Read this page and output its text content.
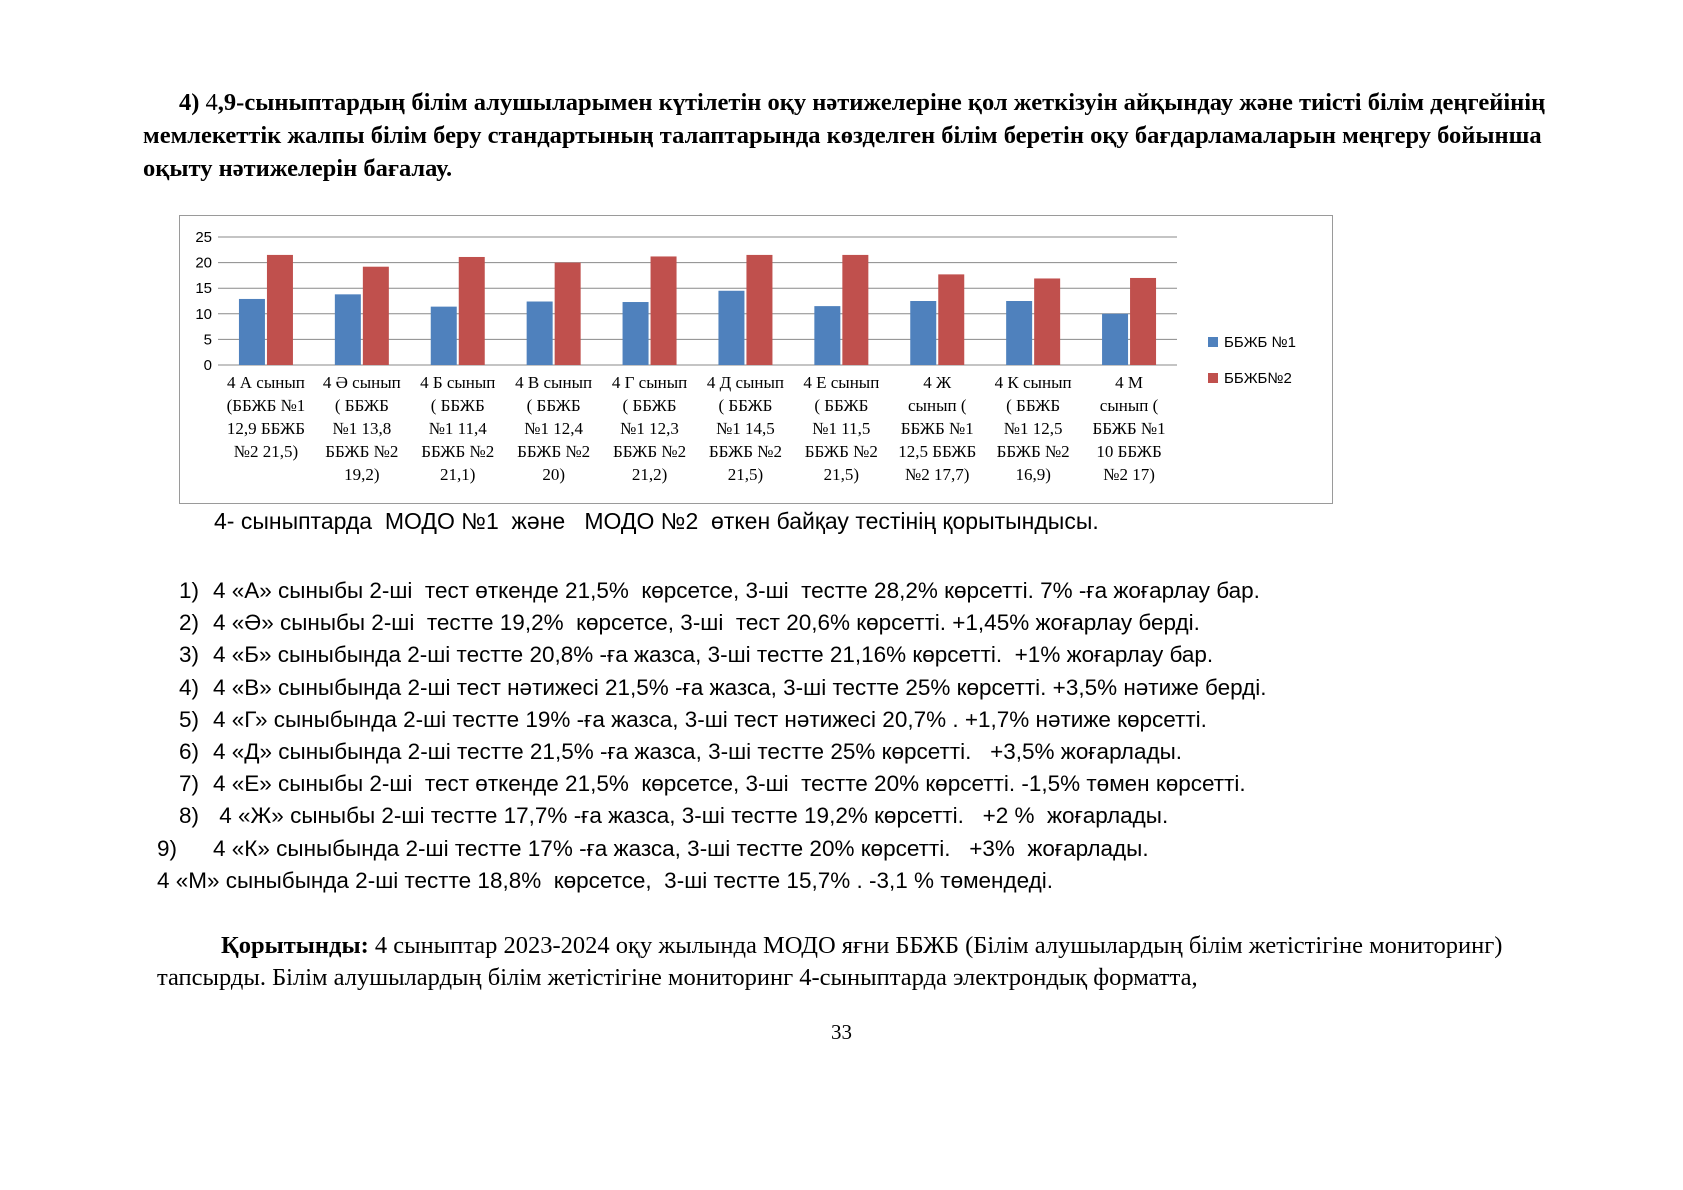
4) 4,9-сыныптардың білім алушыларымен күтілетін оқу нәтижелеріне қол жеткізуін айқындау және тиісті білім деңгейінің мемлекеттік жалпы білім беру стандартының талаптарында көзделген білім беретін оқу бағдарламаларын меңгеру бойынша оқыту нәтижелерін бағалау.
0
5
10
15
20
25
4 А сынып
(ББЖБ №1
12,9 ББЖБ
№2 21,5)
4 Ә сынып
( ББЖБ
№1 13,8
ББЖБ №2
19,2)
4 Б сынып
( ББЖБ
№1 11,4
ББЖБ №2
21,1)
4 В сынып
( ББЖБ
№1 12,4
ББЖБ №2
20)
4 Г сынып
( ББЖБ
№1 12,3
ББЖБ №2
21,2)
4 Д сынып
( ББЖБ
№1 14,5
ББЖБ №2
21,5)
4 Е сынып
( ББЖБ
№1 11,5
ББЖБ №2
21,5)
4 Ж
сынып (
ББЖБ №1
12,5 ББЖБ
№2 17,7)
4 К сынып
( ББЖБ
№1 12,5
ББЖБ №2
16,9)
4 М
сынып (
ББЖБ №1
10 ББЖБ
№2 17)
ББЖБ №1
ББЖБ№2
4- сыныптарда  МОДО №1  және   МОДО №2  өткен байқау тестінің қорытындысы.
1) 4 «А» сыныбы 2-ші  тест өткенде 21,5%  көрсетсе, 3-ші  тестте 28,2% көрсетті. 7% -ға жоғарлау бар.
2) 4 «Ә» сыныбы 2-ші  тестте 19,2%  көрсетсе, 3-ші  тест 20,6% көрсетті. +1,45% жоғарлау берді.
3) 4 «Б» сыныбында 2-ші тестте 20,8% -ға жазса, 3-ші тестте 21,16% көрсетті.  +1% жоғарлау бар.
4) 4 «В» сыныбында 2-ші тест нәтижесі 21,5% -ға жазса, 3-ші тестте 25% көрсетті. +3,5% нәтиже берді.
5) 4 «Г» сыныбында 2-ші тестте 19% -ға жазса, 3-ші тест нәтижесі 20,7% . +1,7% нәтиже көрсетті.
6) 4 «Д» сыныбында 2-ші тестте 21,5% -ға жазса, 3-ші тестте 25% көрсетті.   +3,5% жоғарлады.
7) 4 «Е» сыныбы 2-ші  тест өткенде 21,5%  көрсетсе, 3-ші  тестте 20% көрсетті. -1,5% төмен көрсетті.
8) 4 «Ж» сыныбы 2-ші тестте 17,7% -ға жазса, 3-ші тестте 19,2% көрсетті.   +2 %  жоғарлады.
9) 4 «К» сыныбында 2-ші тестте 17% -ға жазса, 3-ші тестте 20% көрсетті.   +3%  жоғарлады.
4 «М» сыныбында 2-ші тестте 18,8%  көрсетсе,  3-ші тестте 15,7% . -3,1 % төмендеді.
Қорытынды: 4 сыныптар 2023-2024 оқу жылында МОДО яғни ББЖБ (Білім алушылардың білім жетістігіне мониторинг) тапсырды. Білім алушылардың білім жетістігіне мониторинг 4-сыныптарда электрондық форматта,
33
